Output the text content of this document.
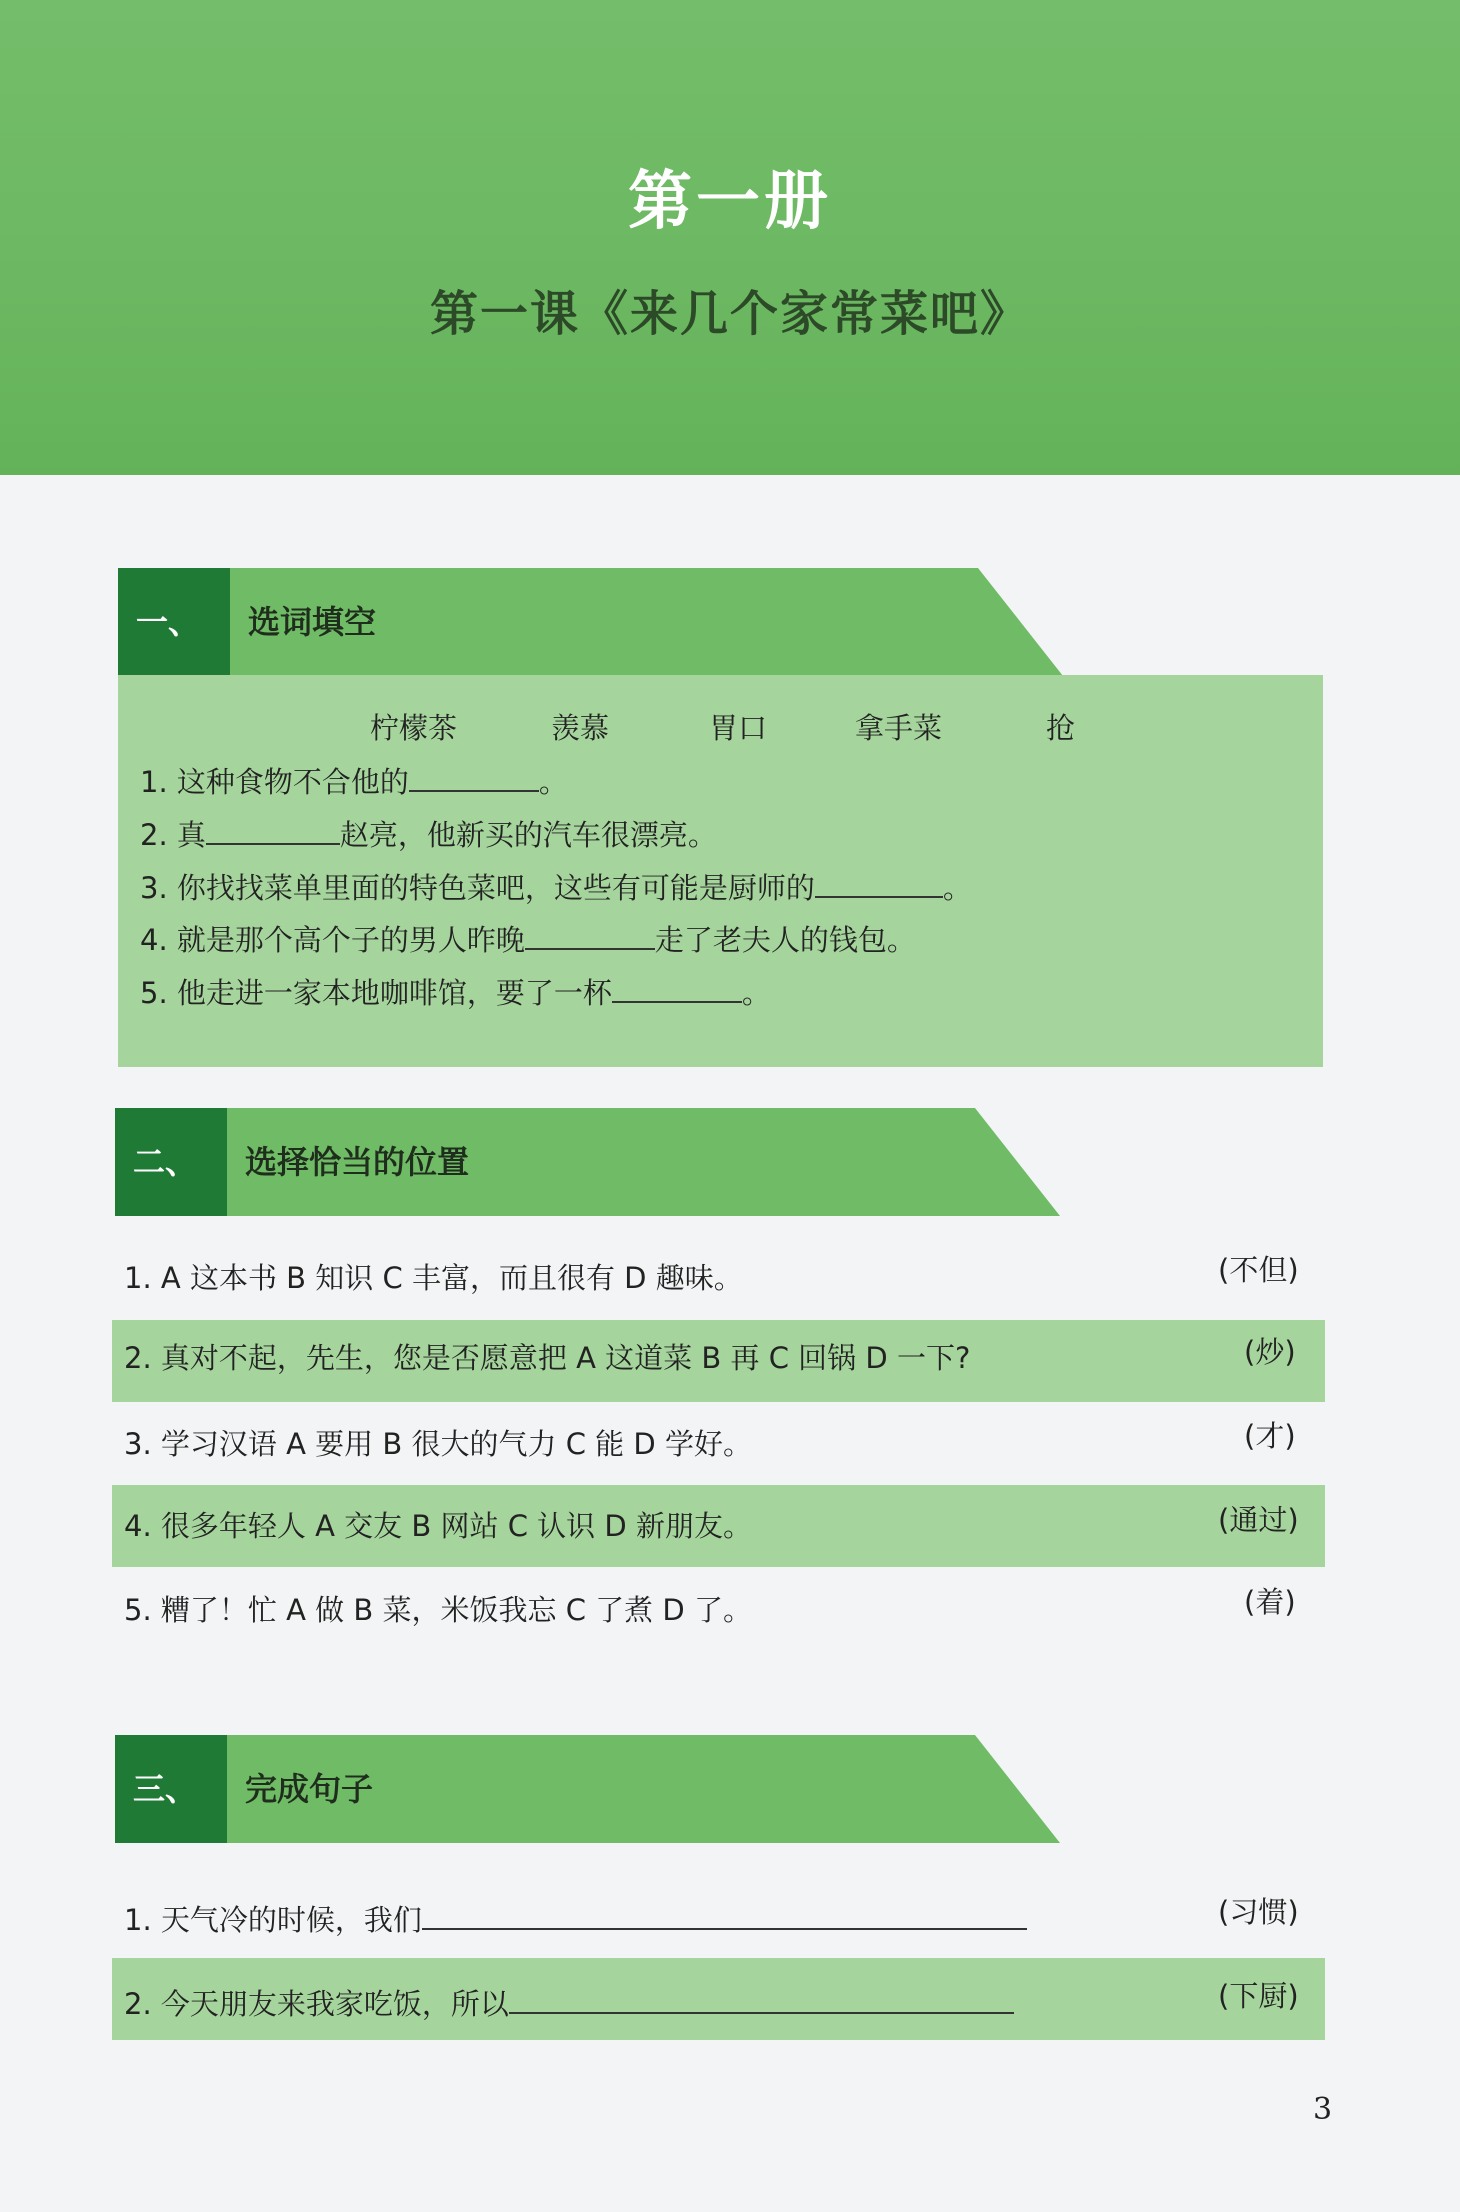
第一册
第一课《来几个家常菜吧》
一、	选词填空
柠檬茶	羡慕	胃口	拿手菜	抢
1. 这种食物不合他的	。
2. 真	赵亮，他新买的汽车很漂亮。
3. 你找找菜单里面的特色菜吧，这些有可能是厨师的	。
4. 就是那个高个子的男人昨晚	走了老夫人的钱包。
5. 他走进一家本地咖啡馆，要了一杯	。
二、	选择恰当的位置
1. A 这本书 B 知识 C 丰富，而且很有 D 趣味。	(不但)
2. 真对不起，先生，您是否愿意把 A 这道菜 B 再 C 回锅 D 一下?	(炒)
3. 学习汉语 A 要用 B 很大的气力 C 能 D 学好。	(才)
4. 很多年轻人 A 交友 B 网站 C 认识 D 新朋友。	(通过)
5. 糟了！忙 A 做 B 菜，米饭我忘 C 了煮 D 了。	(着)
三、	完成句子
1. 天气冷的时候，我们	(习惯)
2. 今天朋友来我家吃饭，所以	(下厨)
3
